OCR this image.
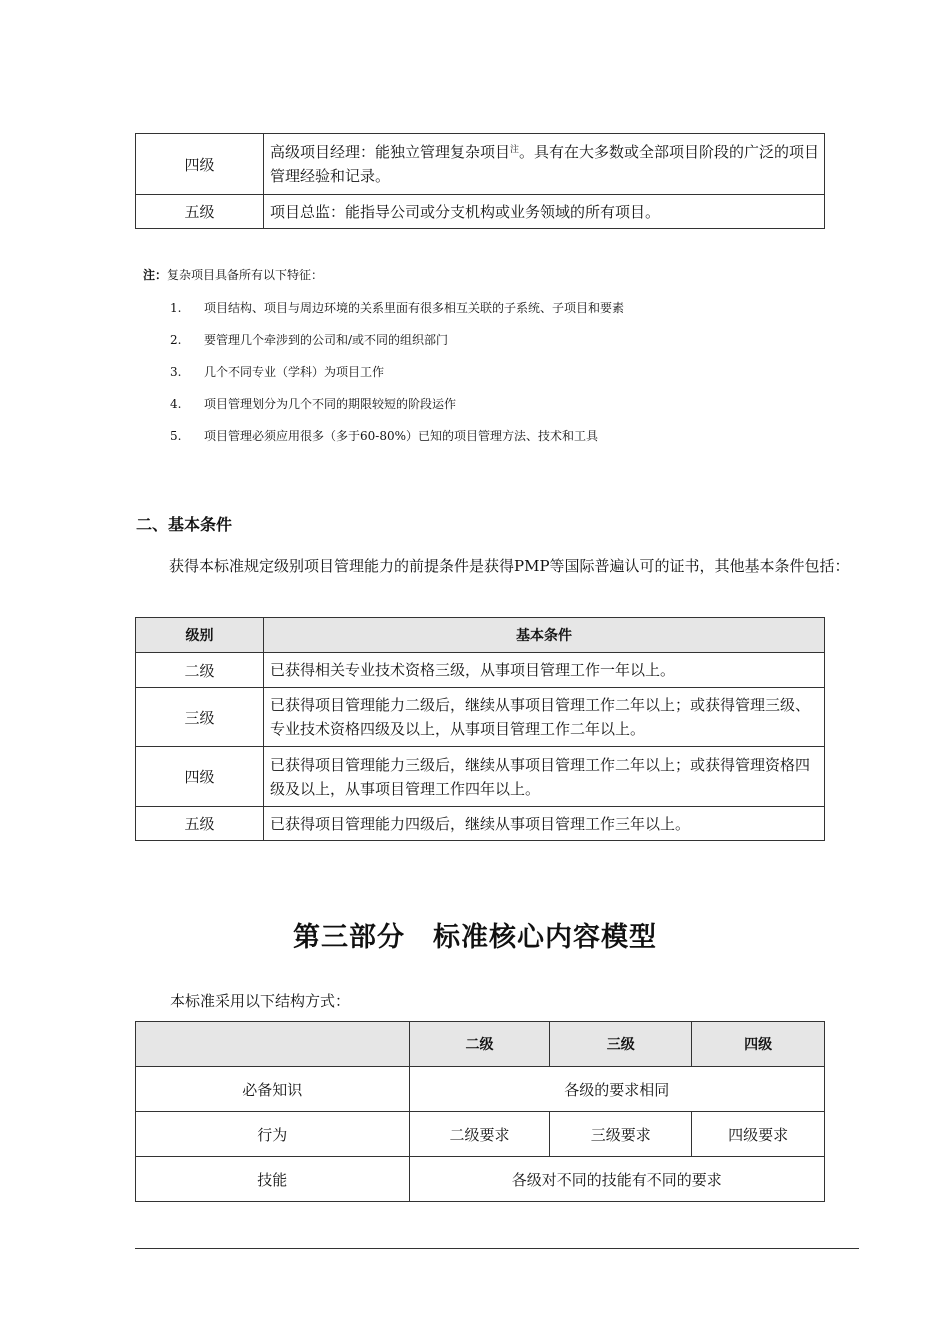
四级	高级项目经理：能独立管理复杂项目$^注$。具有在大多数或全部项目阶段的广泛的项目管理经验和记录。
五级	项目总监：能指导公司或分支机构或业务领域的所有项目。
注：复杂项目具备所有以下特征：
1. 项目结构、项目与周边环境的关系里面有很多相互关联的子系统、子项目和要素
2. 要管理几个牵涉到的公司和/或不同的组织部门
3. 几个不同专业（学科）为项目工作
4. 项目管理划分为几个不同的期限较短的阶段运作
5. 项目管理必须应用很多（多于60-80%）已知的项目管理方法、技术和工具
二、基本条件

获得本标准规定级别项目管理能力的前提条件是获得PMP等国际普遍认可的证书，其他基本条件包括：

级别	基本条件
二级	已获得相关专业技术资格三级，从事项目管理工作一年以上。
三级	已获得项目管理能力二级后，继续从事项目管理工作二年以上；或获得管理三级、专业技术资格四级及以上，从事项目管理工作二年以上。
四级	已获得项目管理能力三级后，继续从事项目管理工作二年以上；或获得管理资格四级及以上，从事项目管理工作四年以上。
五级	已获得项目管理能力四级后，继续从事项目管理工作三年以上。
第三部分　标准核心内容模型
本标准采用以下结构方式：
	二级	三级	四级
必备知识	各级的要求相同		
行为	二级要求	三级要求	四级要求
技能	各级对不同的技能有不同的要求		
